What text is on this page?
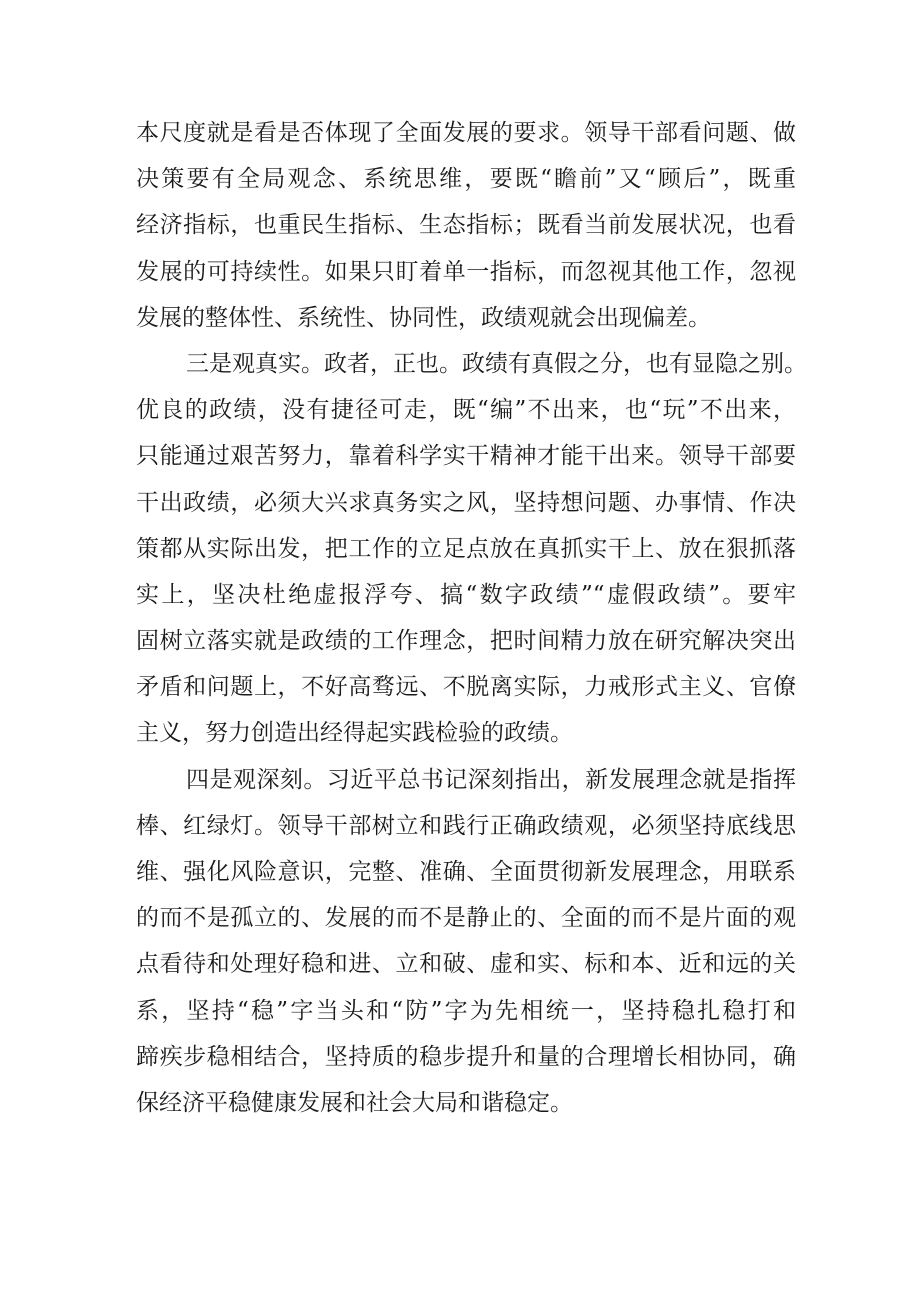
本尺度就是看是否体现了全面发展的要求。领导干部看问题、做
决策要有全局观念、系统思维，要既“瞻前”又“顾后”，既重
经济指标，也重民生指标、生态指标；既看当前发展状况，也看
发展的可持续性。如果只盯着单一指标，而忽视其他工作，忽视
发展的整体性、系统性、协同性，政绩观就会出现偏差。
三是观真实。政者，正也。政绩有真假之分，也有显隐之别。
优良的政绩，没有捷径可走，既“编”不出来，也“玩”不出来，
只能通过艰苦努力，靠着科学实干精神才能干出来。领导干部要
干出政绩，必须大兴求真务实之风，坚持想问题、办事情、作决
策都从实际出发，把工作的立足点放在真抓实干上、放在狠抓落
实上，坚决杜绝虚报浮夸、搞“数字政绩”“虚假政绩”。要牢
固树立落实就是政绩的工作理念，把时间精力放在研究解决突出
矛盾和问题上，不好高骛远、不脱离实际，力戒形式主义、官僚
主义，努力创造出经得起实践检验的政绩。
四是观深刻。习近平总书记深刻指出，新发展理念就是指挥
棒、红绿灯。领导干部树立和践行正确政绩观，必须坚持底线思
维、强化风险意识，完整、准确、全面贯彻新发展理念，用联系
的而不是孤立的、发展的而不是静止的、全面的而不是片面的观
点看待和处理好稳和进、立和破、虚和实、标和本、近和远的关
系，坚持“稳”字当头和“防”字为先相统一，坚持稳扎稳打和
蹄疾步稳相结合，坚持质的稳步提升和量的合理增长相协同，确
保经济平稳健康发展和社会大局和谐稳定。
